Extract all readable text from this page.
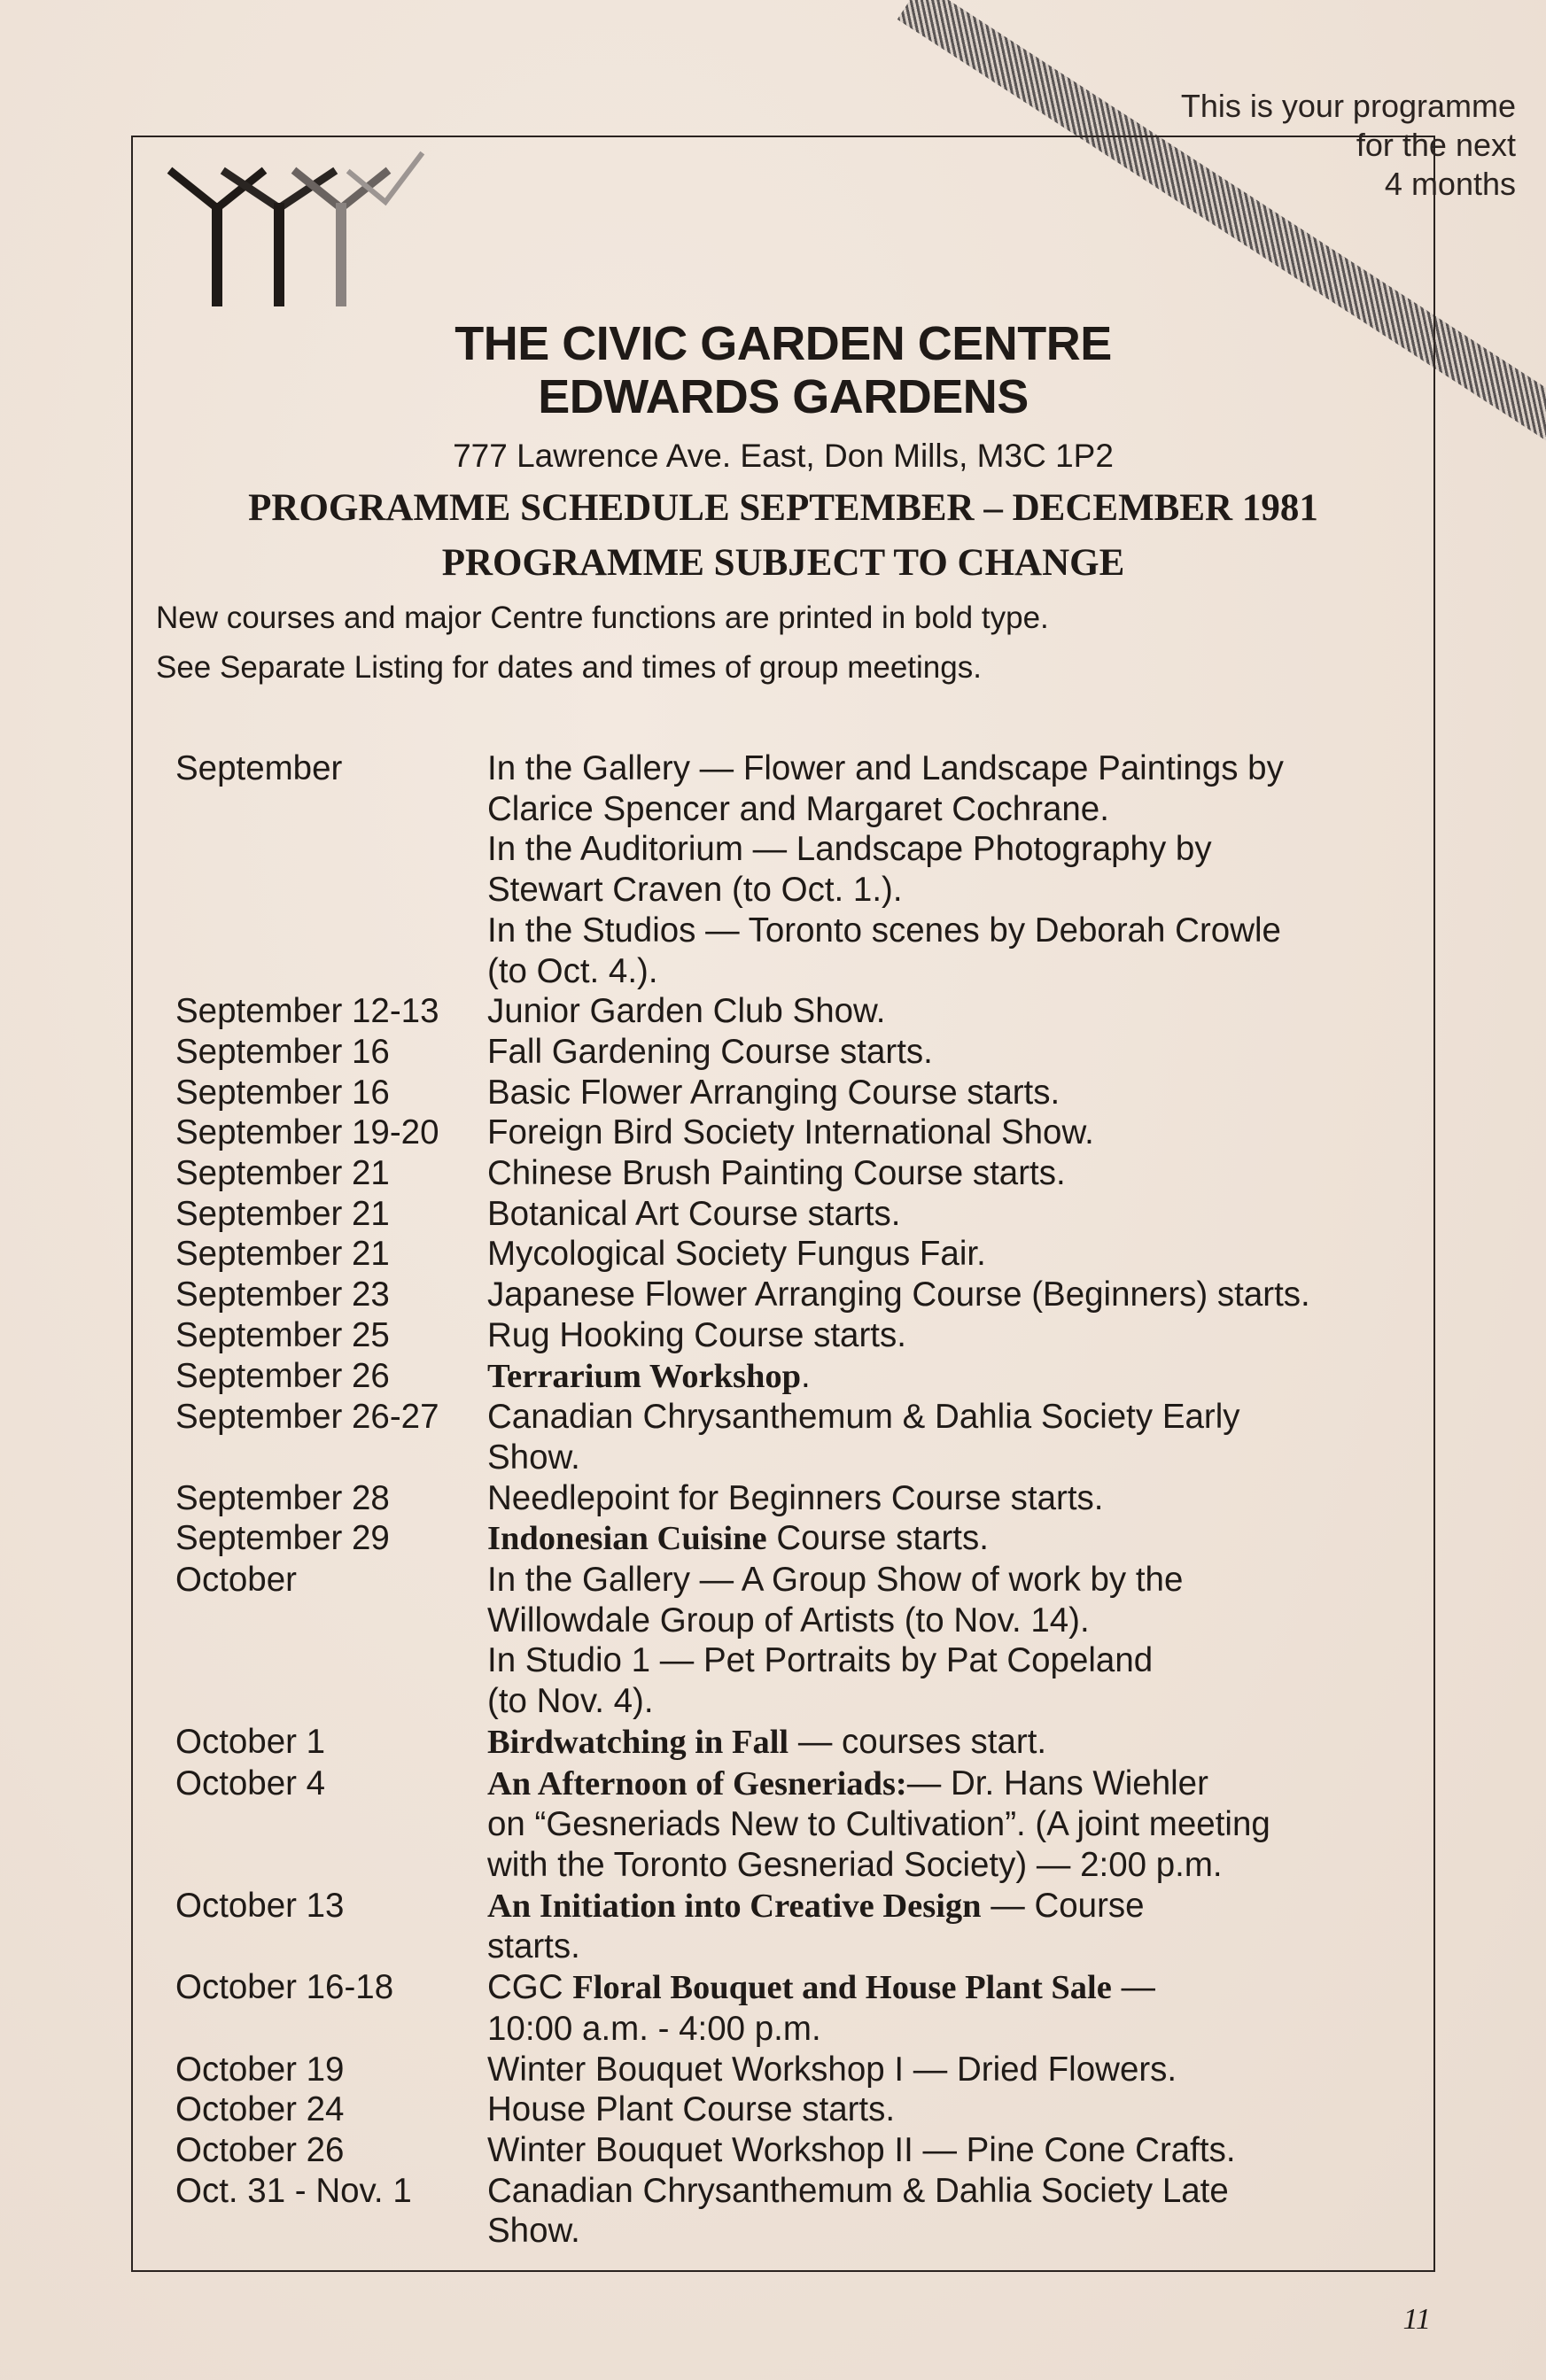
This is your programme
for the next
4 months
THE CIVIC GARDEN CENTRE
EDWARDS GARDENS
777 Lawrence Ave. East, Don Mills, M3C 1P2
PROGRAMME SCHEDULE SEPTEMBER – DECEMBER 1981
PROGRAMME SUBJECT TO CHANGE
New courses and major Centre functions are printed in bold type.
See Separate Listing for dates and times of group meetings.
September	In the Gallery — Flower and Landscape Paintings by
Clarice Spencer and Margaret Cochrane.
In the Auditorium — Landscape Photography by
Stewart Craven (to Oct. 1.).
In the Studios — Toronto scenes by Deborah Crowle
(to Oct. 4.).
September 12-13	Junior Garden Club Show.
September 16	Fall Gardening Course starts.
September 16	Basic Flower Arranging Course starts.
September 19-20	Foreign Bird Society International Show.
September 21	Chinese Brush Painting Course starts.
September 21	Botanical Art Course starts.
September 21	Mycological Society Fungus Fair.
September 23	Japanese Flower Arranging Course (Beginners) starts.
September 25	Rug Hooking Course starts.
September 26	Terrarium Workshop.
September 26-27	Canadian Chrysanthemum & Dahlia Society Early
Show.
September 28	Needlepoint for Beginners Course starts.
September 29	Indonesian Cuisine Course starts.
October	In the Gallery — A Group Show of work by the
Willowdale Group of Artists (to Nov. 14).
In Studio 1 — Pet Portraits by Pat Copeland
(to Nov. 4).
October 1	Birdwatching in Fall — courses start.
October 4	An Afternoon of Gesneriads:— Dr. Hans Wiehler
on “Gesneriads New to Cultivation”. (A joint meeting
with the Toronto Gesneriad Society) — 2:00 p.m.
October 13	An Initiation into Creative Design — Course
starts.
October 16-18	CGC Floral Bouquet and House Plant Sale —
10:00 a.m. - 4:00 p.m.
October 19	Winter Bouquet Workshop I — Dried Flowers.
October 24	House Plant Course starts.
October 26	Winter Bouquet Workshop II — Pine Cone Crafts.
Oct. 31 - Nov. 1	Canadian Chrysanthemum & Dahlia Society Late
Show.
11
